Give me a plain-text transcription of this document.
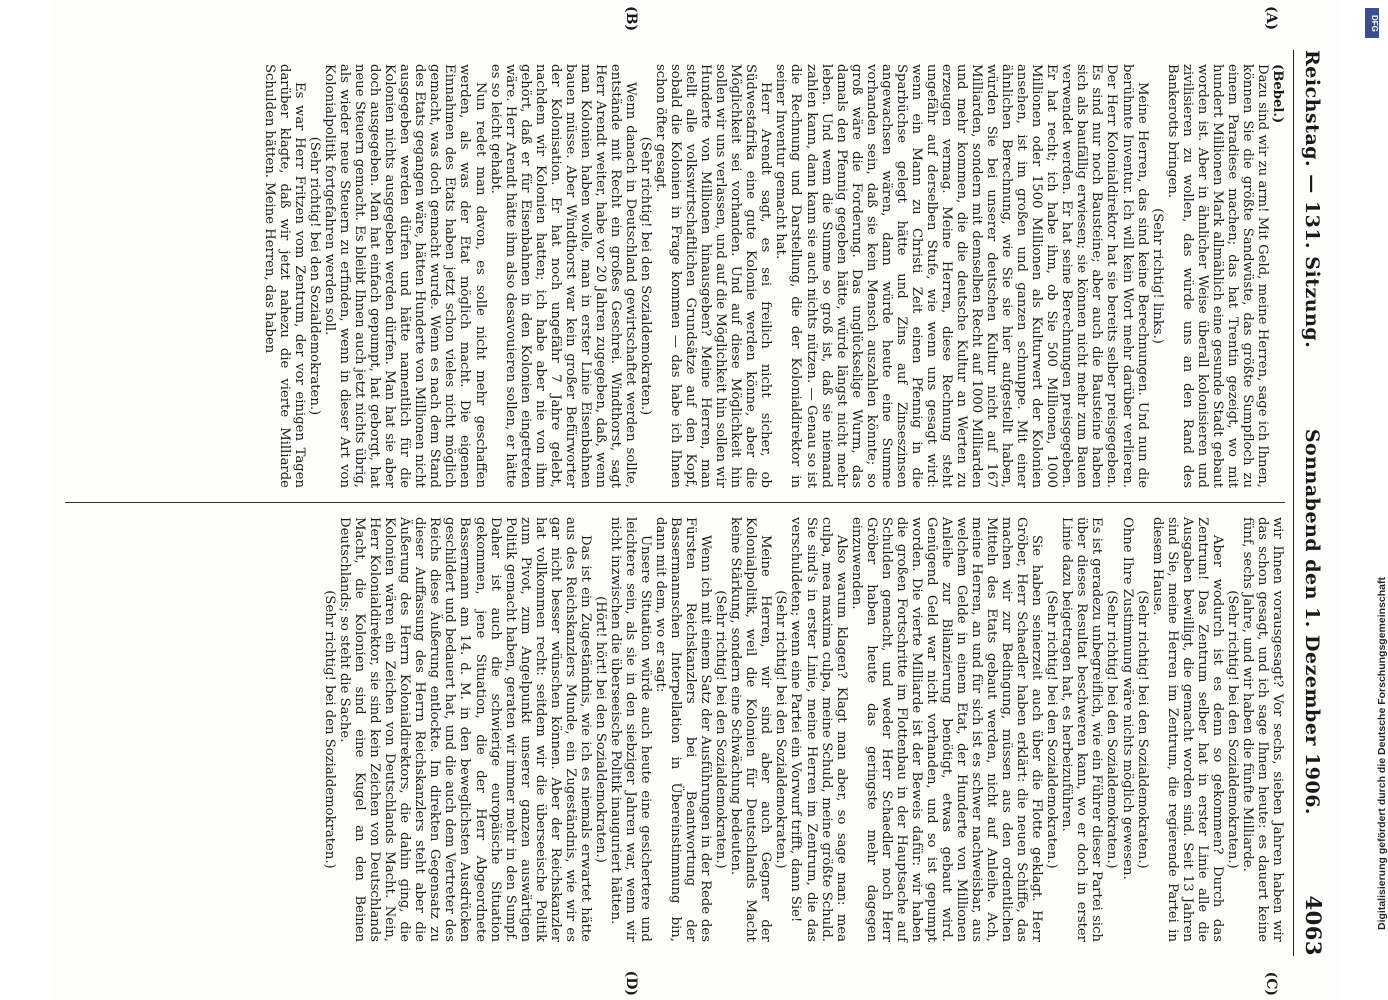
Reichstag. — 131. Sitzung.
Sonnabend den 1. Dezember 1906.
4063
(A)
(B)
(C)
(D)

(Bebel.)

Dazu sind wir zu arm! Mit Geld, meine Herren, sage ich Ihnen, können Sie die größte Sandwüste, das größte Sumpfloch zu einem Paradiese machen; das hat Trentin gezeigt, wo mit hundert Millionen Mark allmählich eine gesunde Stadt gebaut worden ist. Aber in ähnlicher Weise überall kolonisieren und zivilisieren zu wollen, das würde uns an den Rand des Bankerotts bringen.

(Sehr richtig! links.)

Meine Herren, das sind keine Berechnungen. Und nun die berühmte Inventur. Ich will kein Wort mehr darüber verlieren. Der Herr Kolonialdirektor hat sie bereits selber preisgegeben. Es sind nur noch Bausteine; aber auch die Bausteine haben sich als baufällig erwiesen; sie können nicht mehr zum Bauen verwendet werden. Er hat seine Berechnungen preisgegeben. Er hat recht; ich habe ihm, ob Sie 500 Millionen, 1000 Millionen oder 1500 Millionen als Kulturwert der Kolonien ansehen, ist im großen und ganzen schnuppe. Mit einer ähnlichen Berechnung, wie Sie sie hier aufgestellt haben, würden Sie bei unserer deutschen Kultur nicht auf 167 Milliarden, sondern mit demselben Recht auf 1000 Milliarden und mehr kommen, die die deutsche Kultur an Werten zu erzeugen vermag. Meine Herren, diese Rechnung steht ungefähr auf derselben Stufe, wie wenn uns gesagt wird: wenn ein Mann zu Christi Zeit einen Pfennig in die Sparbüchse gelegt hätte und Zins auf Zinseszinsen angewachsen wären, dann würde heute eine Summe vorhanden sein, daß sie kein Mensch auszahlen könnte; so groß wäre die Forderung. Das unglückselige Wurm, das damals den Pfennig gegeben hätte, würde längst nicht mehr leben. Und wenn die Summe so groß ist, daß sie niemand zahlen kann, dann kann sie auch nichts nützen. — Genau so ist die Rechnung und Darstellung, die der Kolonialdirektor in seiner Inventur gemacht hat.

Herr Arendt sagt, es sei freilich nicht sicher, ob Südwestafrika eine gute Kolonie werden könne, aber die Möglichkeit sei vorhanden. Und auf diese Möglichkeit hin sollen wir uns verlassen, und auf die Möglichkeit hin sollen wir Hunderte von Millionen hinausgeben? Meine Herren, man stellt alle volkswirtschaftlichen Grundsätze auf den Kopf, sobald die Kolonien in Frage kommen — das habe ich Ihnen schon öfter gesagt.

(Sehr richtig! bei den Sozialdemokraten.)

Wenn danach in Deutschland gewirtschaftet werden sollte, entstände mit Recht ein großes Geschrei. Windthorst, sagt Herr Arendt weiter, habe vor 20 Jahren zugegeben, daß, wenn man Kolonien haben wolle, man in erster Linie Eisenbahnen bauen müsse. Aber Windthorst war kein großer Befürworter der Kolonisation. Er hat noch ungefähr 7 Jahre gelebt, nachdem wir Kolonien hatten; ich habe aber nie von ihm gehört, daß er für Eisenbahnen in den Kolonien eingetreten wäre. Herr Arendt hätte ihm also desavouieren sollen, er hätte es so leicht gehabt.

Nun redet man davon, es solle nicht mehr geschaffen werden, als was der Etat möglich macht. Die eigenen Einnahmen des Etats haben jetzt schon vieles nicht möglich gemacht, was doch gemacht wurde. Wenn es nach dem Stand des Etats gegangen wäre, hätten Hunderte von Millionen nicht ausgegeben werden dürfen und hätte namentlich für die Kolonien nichts ausgegeben werden dürfen. Man hat sie aber doch ausgegeben. Man hat einfach gepumpt, hat geborgt, hat neue Steuern gemacht. Es bleibt Ihnen auch jetzt nichts übrig, als wieder neue Steuern zu erfinden, wenn in dieser Art von Kolonialpolitik fortgefahren werden soll.

(Sehr richtig! bei den Sozialdemokraten.)

Es war Herr Fritzen vom Zentrum, der vor einigen Tagen darüber klagte, daß wir jetzt nahezu die vierte Milliarde Schulden hätten. Meine Herren, das haben

wir Ihnen vorausgesagt? Vor sechs, sieben Jahren haben wir das schon gesagt, und ich sage Ihnen heute: es dauert keine fünf, sechs Jahre, und wir haben die fünfte Milliarde.

(Sehr richtig! bei den Sozialdemokraten.)

Aber wodurch ist es denn so gekommen? Durch das Zentrum! Das Zentrum selber hat in erster Linie alle die Ausgaben bewilligt, die gemacht worden sind. Seit 13 Jahren sind Sie, meine Herren im Zentrum, die regierende Partei in diesem Hause.

(Sehr richtig! bei den Sozialdemokraten.)

Ohne Ihre Zustimmung wäre nichts möglich gewesen.

(Sehr richtig! bei den Sozialdemokraten.)

Es ist geradezu unbegreiflich, wie ein Führer dieser Partei sich über dieses Resultat beschweren kann, wo er doch in erster Linie dazu beigetragen hat, es herbeizuführen.

(Sehr richtig! bei den Sozialdemokraten.)

Sie haben seinerzeit auch über die Flotte geklagt. Herr Gröber, Herr Schaedler haben erklärt: die neuen Schiffe, das machen wir zur Bedingung, müssen aus den ordentlichen Mitteln des Etats gebaut werden, nicht auf Anleihe. Ach, meine Herren, an und für sich ist es schwer nachweisbar, aus welchem Gelde in einem Etat, der Hunderte von Millionen Anleihe zur Bilanzierung benötigt, etwas gebaut wird. Genügend Geld war nicht vorhanden, und so ist gepumpt worden. Die vierte Milliarde ist der Beweis dafür: wir haben die großen Fortschritte im Flottenbau in der Hauptsache auf Schulden gemacht, und weder Herr Schaedler noch Herr Gröber haben heute das geringste mehr dagegen einzuwenden.

Also warum klagen? Klagt man aber, so sage man: mea culpa, mea maxima culpa, meine Schuld, meine größte Schuld. Sie sind's in erster Linie, meine Herren im Zentrum, die das verschuldeten; wenn eine Partei ein Vorwurf trifft, dann Sie!

(Sehr richtig! bei den Sozialdemokraten.)

Meine Herren, wir sind aber auch Gegner der Kolonialpolitik, weil die Kolonien für Deutschlands Macht keine Stärkung, sondern eine Schwächung bedeuten.

(Sehr richtig! bei den Sozialdemokraten.)

Wenn ich mit einem Satz der Ausführungen in der Rede des Fürsten Reichskanzlers bei Beantwortung der Bassermannschen Interpellation in Übereinstimmung bin, dann mit dem, wo er sagt:

Unsere Situation würde auch heute eine gesichertere und leichtere sein, als sie in den siebziger Jahren war, wenn wir nicht inzwischen die überseeische Politik inauguriert hätten.

(Hört! hört! bei den Sozialdemokraten.)

Das ist ein Zugeständnis, wie ich es niemals erwartet hätte aus des Reichskanzlers Munde, ein Zugeständnis, wie wir es gar nicht besser wünschen können. Aber der Reichskanzler hat vollkommen recht: seitdem wir die überseeische Politik zum Pivot, zum Angelpunkt unserer ganzen auswärtigen Politik gemacht haben, geraten wir immer mehr in den Sumpf. Daher ist auch die schwierige europäische Situation gekommen, jene Situation, die der Herr Abgeordnete Bassermann am 14. d. M. in den beweglichsten Ausdrücken geschildert und bedauert hat, und die auch dem Vertreter des Reichs diese Äußerung entlockte. Im direkten Gegensatz zu dieser Auffassung des Herrn Reichskanzlers steht aber die Äußerung des Herrn Kolonialdirektors, die dahin ging, die Kolonien wären ein Zeichen von Deutschlands Macht. Nein, Herr Kolonialdirektor, sie sind kein Zeichen von Deutschlands Macht, die Kolonien sind eine Kugel an den Beinen Deutschlands; so steht die Sache.

(Sehr richtig! bei den Sozialdemokraten.)

DFG
Digitalisierung gefördert durch die Deutsche Forschungsgemeinschaft
